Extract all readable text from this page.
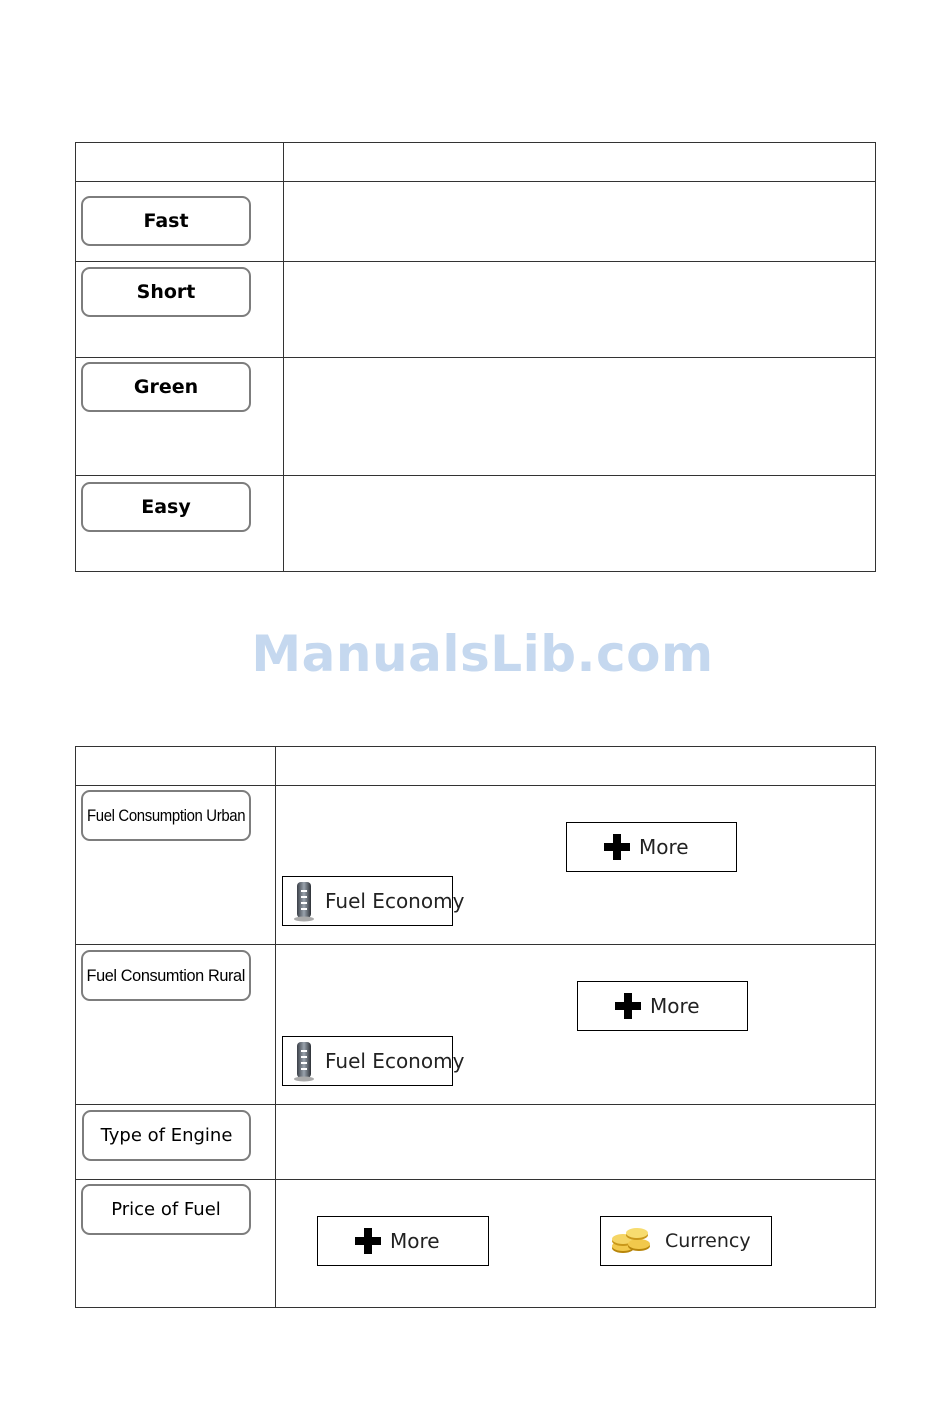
Fast
Short
Green
Easy
ManualsLib.com
Fuel Consumption Urban
More
Fuel Economy
Fuel Consumtion Rural
More
Fuel Economy
Type of Engine
Price of Fuel
More	Currency
